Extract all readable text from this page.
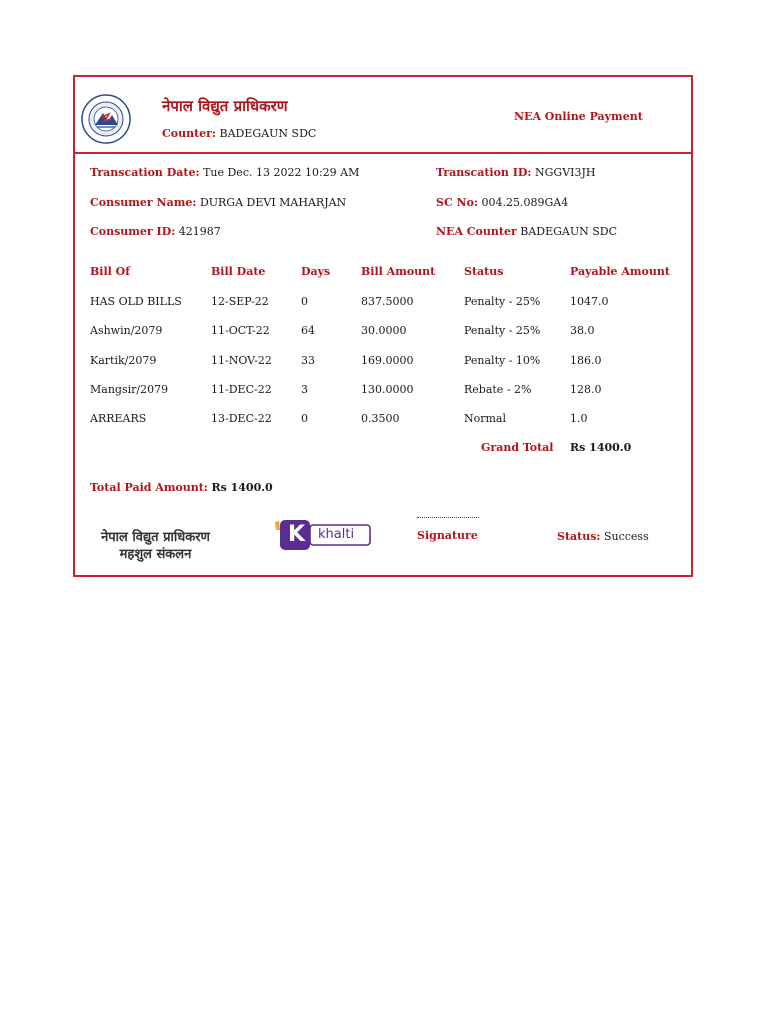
नेपाल विद्युत प्राधिकरण
Counter: BADEGAUN SDC
NEA Online Payment
Transcation Date: Tue Dec. 13 2022 10:29 AM	Transcation ID: NGGVI3JH
Consumer Name: DURGA DEVI MAHARJAN	SC No: 004.25.089GA4
Consumer ID: 421987	NEA Counter BADEGAUN SDC
Bill Of	Bill Date	Days	Bill Amount	Status	Payable Amount
HAS OLD BILLS	12-SEP-22	0	837.5000	Penalty - 25%	1047.0
Ashwin/2079	11-OCT-22	64	30.0000	Penalty - 25%	38.0
Kartik/2079	11-NOV-22	33	169.0000	Penalty - 10%	186.0
Mangsir/2079	11-DEC-22	3	130.0000	Rebate - 2%	128.0
ARREARS	13-DEC-22	0	0.3500	Normal	1.0
Grand Total Rs 1400.0
Total Paid Amount: Rs 1400.0
नेपाल विद्युत प्राधिकरण
महशुल संकलन
K khalti	Signature	Status: Success
